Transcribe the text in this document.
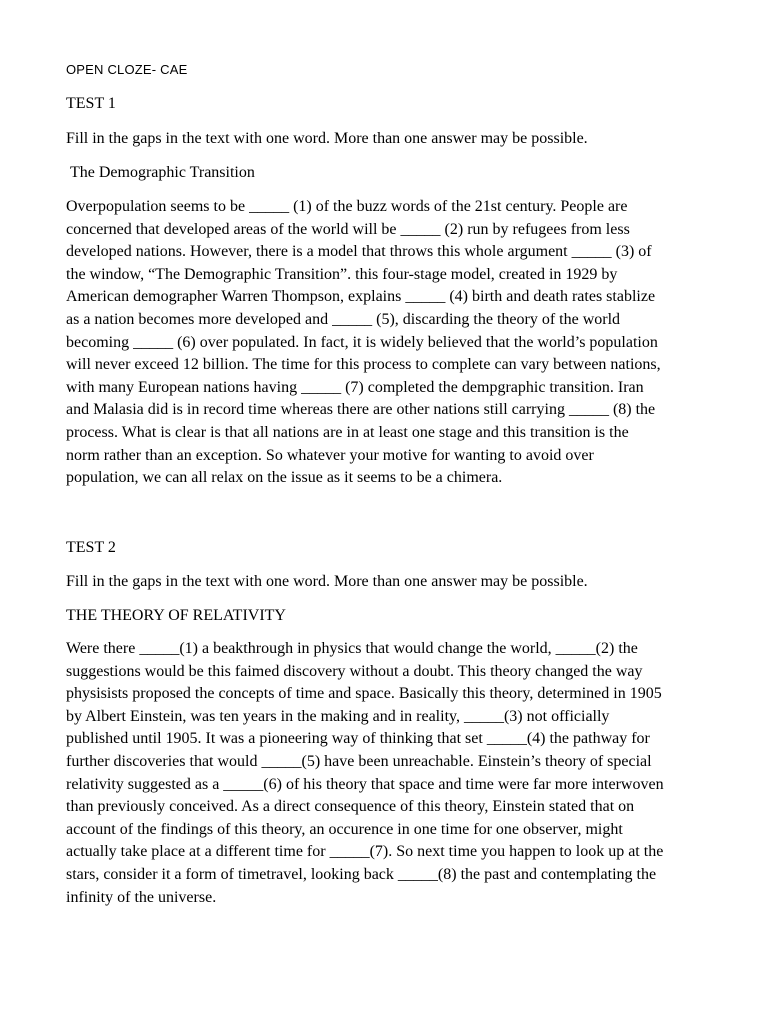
OPEN CLOZE- CAE
TEST 1
Fill in the gaps in the text with one word. More than one answer may be possible.
The Demographic Transition
Overpopulation seems to be _____ (1) of the buzz words of the 21st century. People are
concerned that developed areas of the world will be _____ (2) run by refugees from less
developed nations. However, there is a model that throws this whole argument _____ (3) of
the window, “The Demographic Transition”. this four-stage model, created in 1929 by
American demographer Warren Thompson, explains _____ (4) birth and death rates stablize
as a nation becomes more developed and _____ (5), discarding the theory of the world
becoming _____ (6) over populated. In fact, it is widely believed that the world’s population
will never exceed 12 billion. The time for this process to complete can vary between nations,
with many European nations having _____ (7) completed the dempgraphic transition. Iran
and Malasia did is in record time whereas there are other nations still carrying _____ (8) the
process. What is clear is that all nations are in at least one stage and this transition is the
norm rather than an exception. So whatever your motive for wanting to avoid over
population, we can all relax on the issue as it seems to be a chimera.
TEST 2
Fill in the gaps in the text with one word. More than one answer may be possible.
THE THEORY OF RELATIVITY
Were there _____(1) a beakthrough in physics that would change the world, _____(2) the
suggestions would be this faimed discovery without a doubt. This theory changed the way
physisists proposed the concepts of time and space. Basically this theory, determined in 1905
by Albert Einstein, was ten years in the making and in reality, _____(3) not officially
published until 1905. It was a pioneering way of thinking that set _____(4) the pathway for
further discoveries that would _____(5) have been unreachable. Einstein’s theory of special
relativity suggested as a _____(6) of his theory that space and time were far more interwoven
than previously conceived. As a direct consequence of this theory, Einstein stated that on
account of the findings of this theory, an occurence in one time for one observer, might
actually take place at a different time for _____(7). So next time you happen to look up at the
stars, consider it a form of timetravel, looking back _____(8) the past and contemplating the
infinity of the universe.
